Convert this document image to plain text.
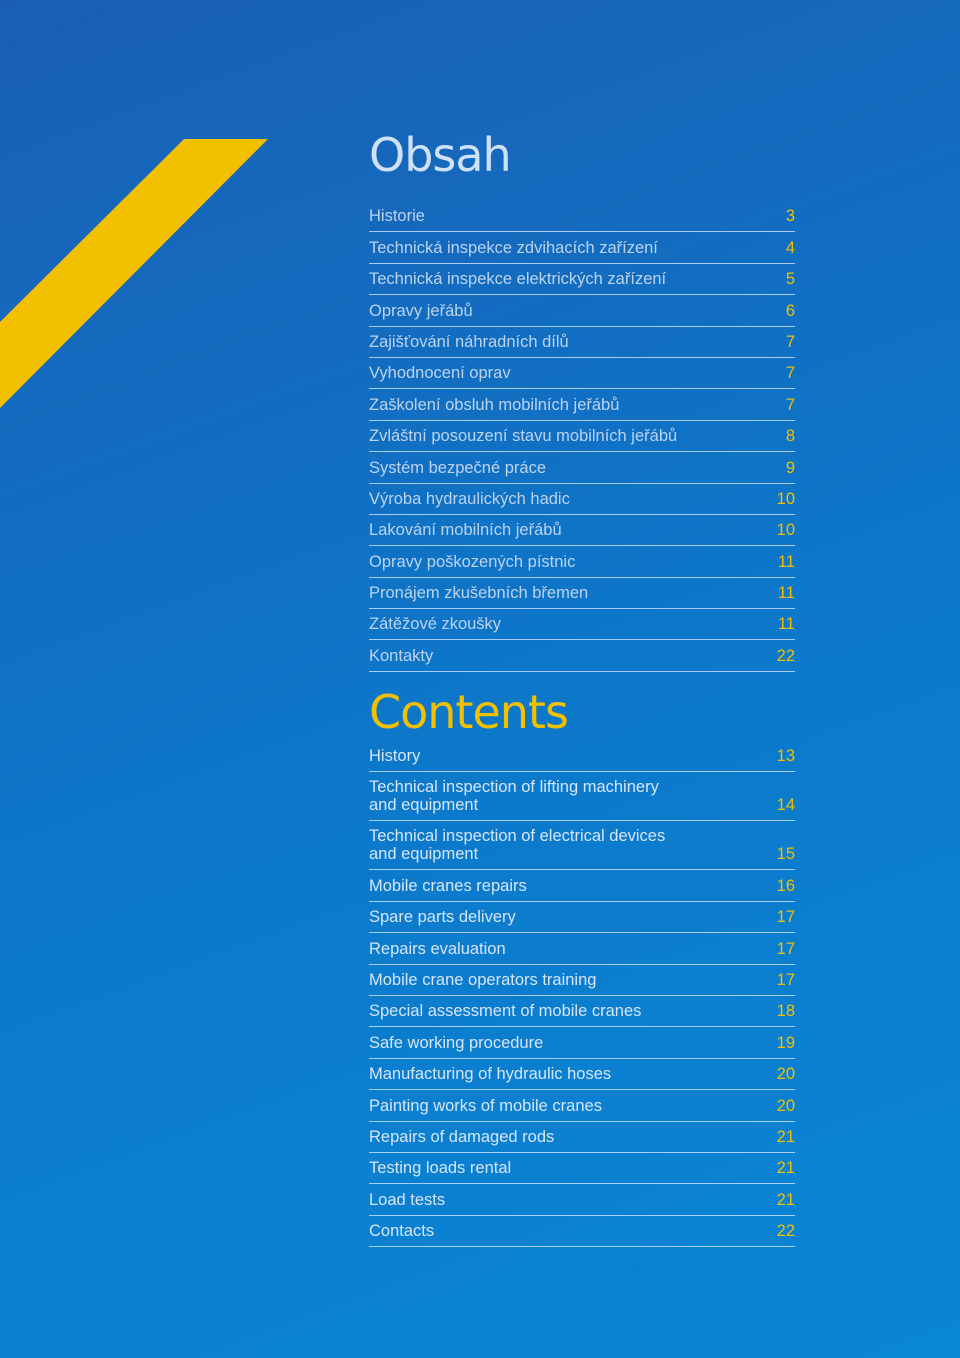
Obsah
Historie	3
Technická inspekce zdvihacích zařízení	4
Technická inspekce elektrických zařízení	5
Opravy jeřábů	6
Zajišťování náhradních dílů	7
Vyhodnocení oprav	7
Zaškolení obsluh mobilních jeřábů	7
Zvláštní posouzení stavu mobilních jeřábů	8
Systém bezpečné práce	9
Výroba hydraulických hadic	10
Lakování mobilních jeřábů	10
Opravy poškozených pístnic	11
Pronájem zkušebních břemen	11
Zátěžové zkoušky	11
Kontakty	22
Contents
History	13
Technical inspection of lifting machinery
and equipment	14
Technical inspection of electrical devices
and equipment	15
Mobile cranes repairs	16
Spare parts delivery	17
Repairs evaluation	17
Mobile crane operators training	17
Special assessment of mobile cranes	18
Safe working procedure	19
Manufacturing of hydraulic hoses	20
Painting works of mobile cranes	20
Repairs of damaged rods	21
Testing loads rental	21
Load tests	21
Contacts	22
